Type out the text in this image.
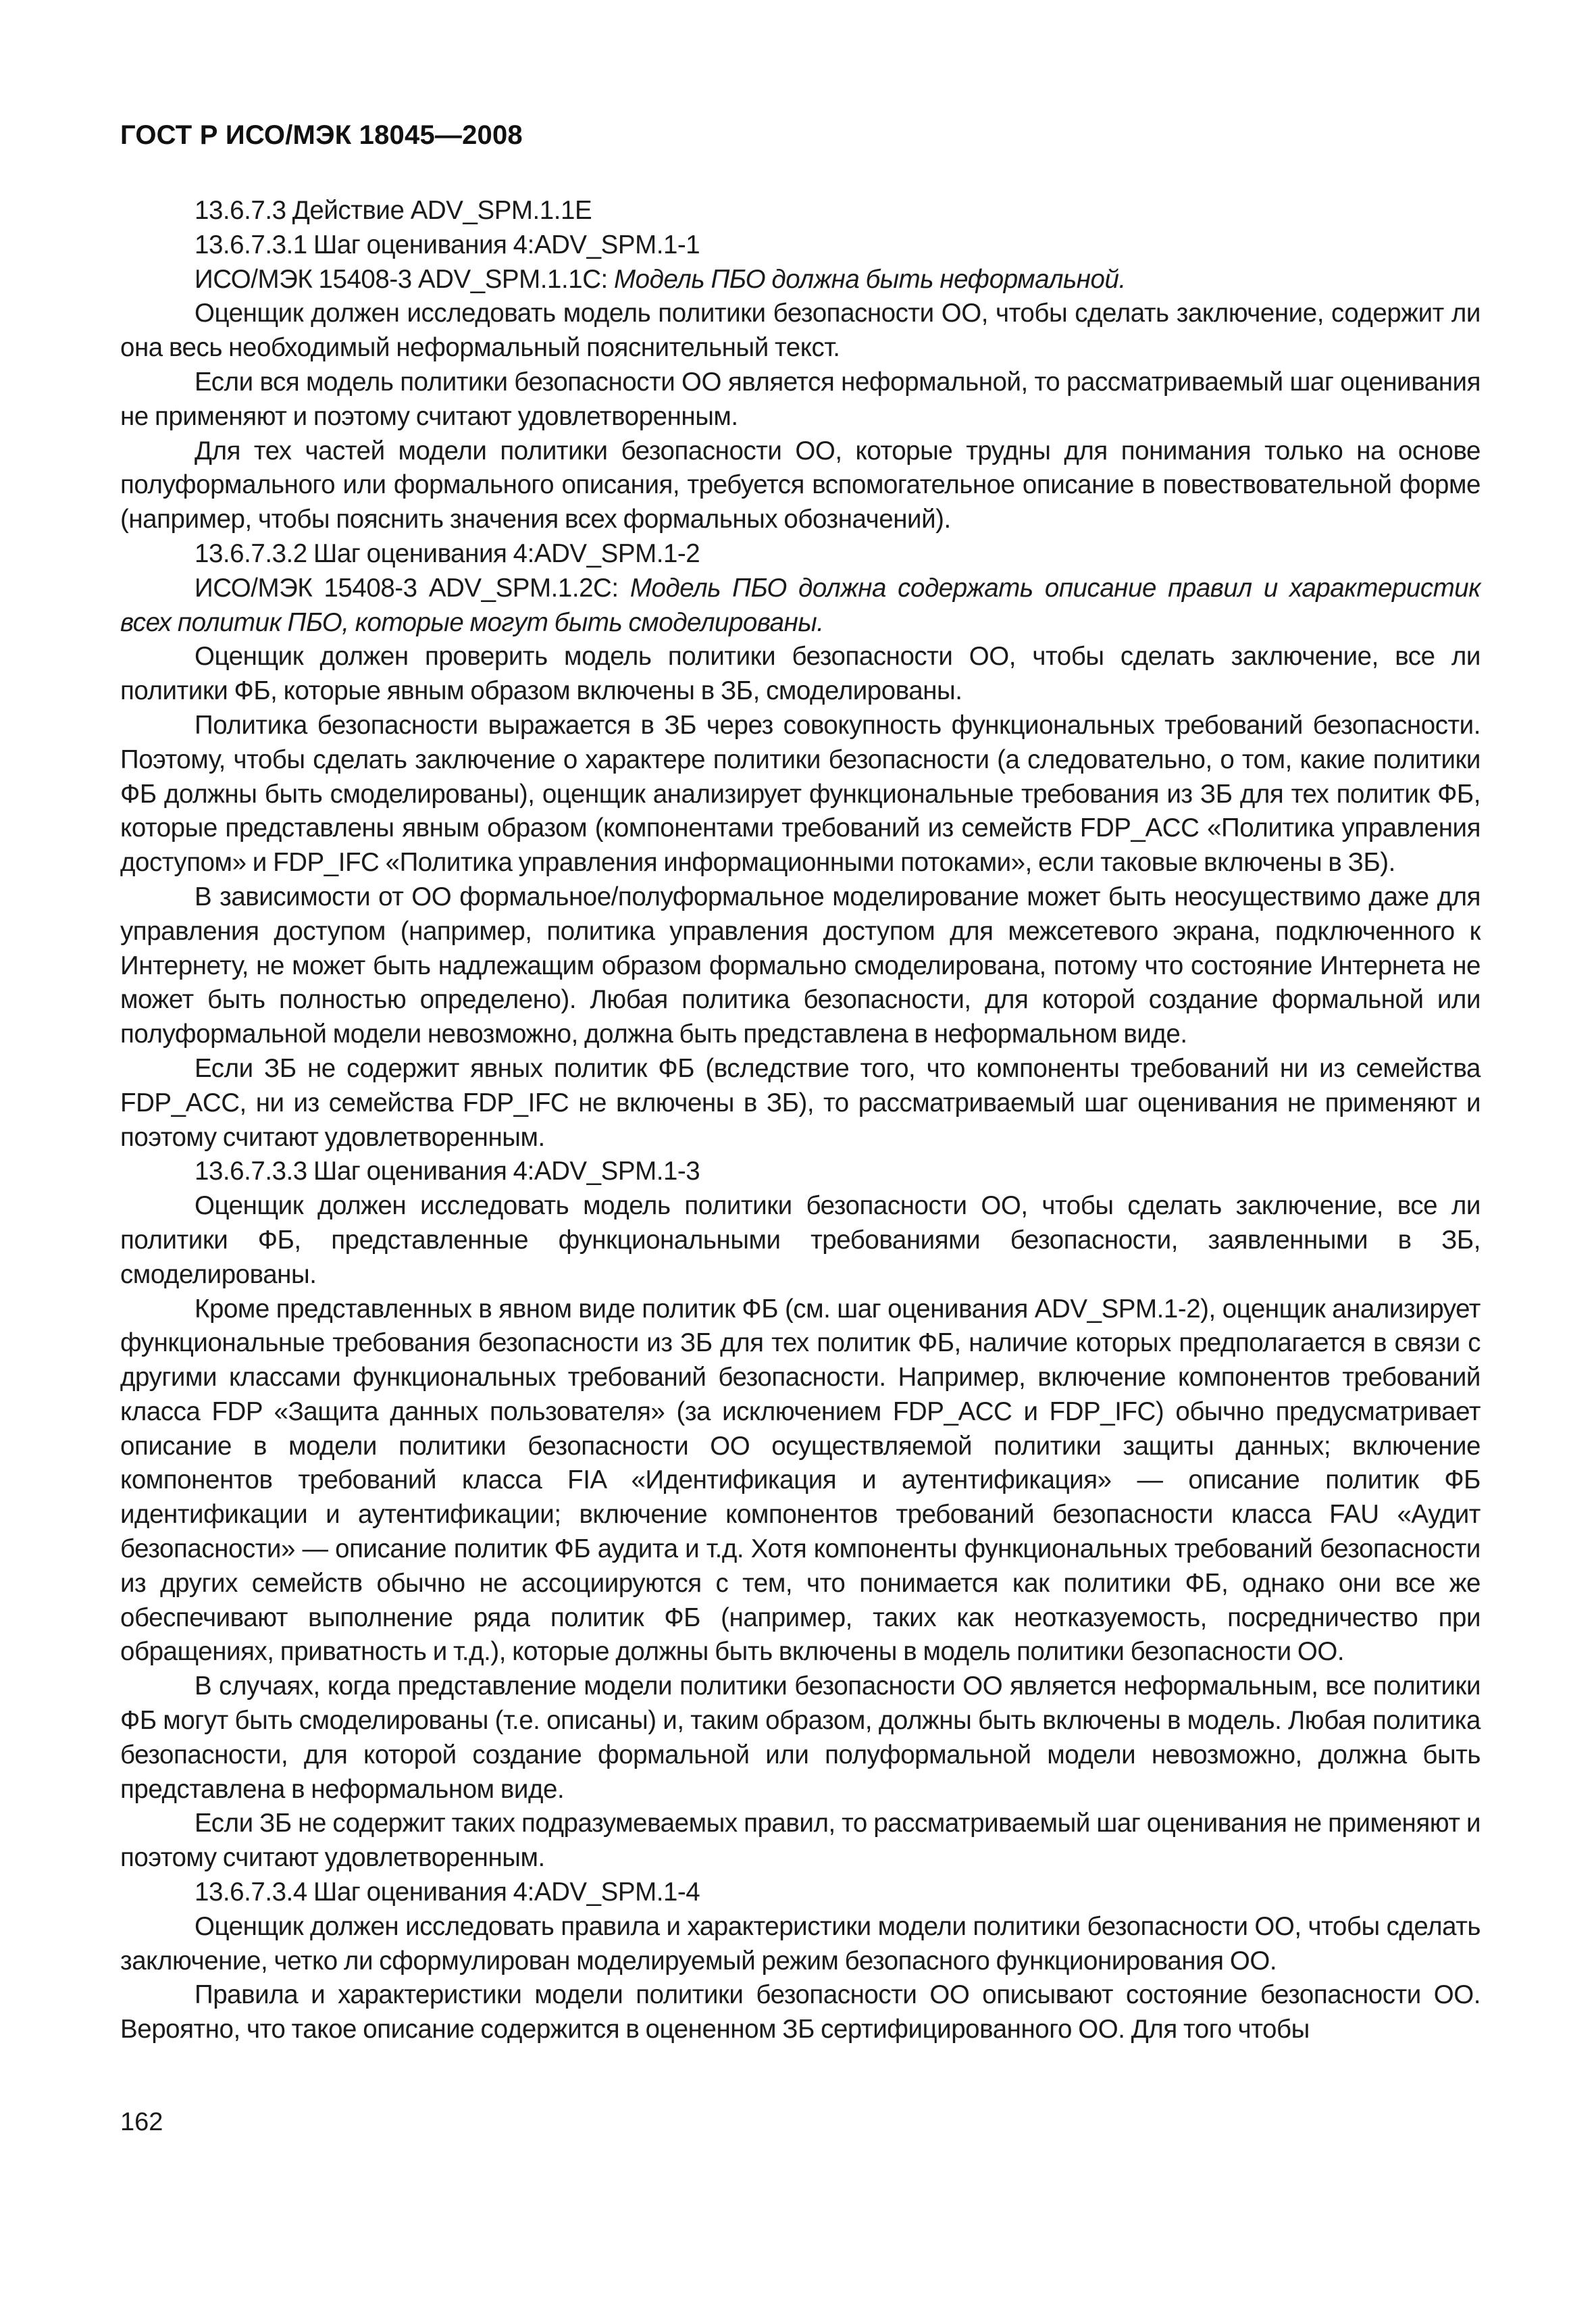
ГОСТ Р ИСО/МЭК 18045—2008

13.6.7.3 Действие ADV_SPM.1.1E

13.6.7.3.1 Шаг оценивания 4:ADV_SPM.1-1

ИСО/МЭК 15408-3 ADV_SPM.1.1C: Модель ПБО должна быть неформальной.

Оценщик должен исследовать модель политики безопасности ОО, чтобы сделать заключение, содержит ли она весь необходимый неформальный пояснительный текст.

Если вся модель политики безопасности ОО является неформальной, то рассматриваемый шаг оценивания не применяют и поэтому считают удовлетворенным.

Для тех частей модели политики безопасности ОО, которые трудны для понимания только на основе полуформального или формального описания, требуется вспомогательное описание в повествовательной форме (например, чтобы пояснить значения всех формальных обозначений).

13.6.7.3.2 Шаг оценивания 4:ADV_SPM.1-2

ИСО/МЭК 15408-3 ADV_SPM.1.2C: Модель ПБО должна содержать описание правил и характеристик всех политик ПБО, которые могут быть смоделированы.

Оценщик должен проверить модель политики безопасности ОО, чтобы сделать заключение, все ли политики ФБ, которые явным образом включены в ЗБ, смоделированы.

Политика безопасности выражается в ЗБ через совокупность функциональных требований безопасности. Поэтому, чтобы сделать заключение о характере политики безопасности (а следовательно, о том, какие политики ФБ должны быть смоделированы), оценщик анализирует функциональные требования из ЗБ для тех политик ФБ, которые представлены явным образом (компонентами требований из семейств FDP_ACC «Политика управления доступом» и FDP_IFC «Политика управления информационными потоками», если таковые включены в ЗБ).

В зависимости от ОО формальное/полуформальное моделирование может быть неосуществимо даже для управления доступом (например, политика управления доступом для межсетевого экрана, подключенного к Интернету, не может быть надлежащим образом формально смоделирована, потому что состояние Интернета не может быть полностью определено). Любая политика безопасности, для которой создание формальной или полуформальной модели невозможно, должна быть представлена в неформальном виде.

Если ЗБ не содержит явных политик ФБ (вследствие того, что компоненты требований ни из семейства FDP_ACC, ни из семейства FDP_IFC не включены в ЗБ), то рассматриваемый шаг оценивания не применяют и поэтому считают удовлетворенным.

13.6.7.3.3 Шаг оценивания 4:ADV_SPM.1-3

Оценщик должен исследовать модель политики безопасности ОО, чтобы сделать заключение, все ли политики ФБ, представленные функциональными требованиями безопасности, заявленными в ЗБ, смоделированы.

Кроме представленных в явном виде политик ФБ (см. шаг оценивания ADV_SPM.1-2), оценщик анализирует функциональные требования безопасности из ЗБ для тех политик ФБ, наличие которых предполагается в связи с другими классами функциональных требований безопасности. Например, включение компонентов требований класса FDP «Защита данных пользователя» (за исключением FDP_ACC и FDP_IFC) обычно предусматривает описание в модели политики безопасности ОО осуществляемой политики защиты данных; включение компонентов требований класса FIA «Идентификация и аутентификация» — описание политик ФБ идентификации и аутентификации; включение компонентов требований безопасности класса FAU «Аудит безопасности» — описание политик ФБ аудита и т.д. Хотя компоненты функциональных требований безопасности из других семейств обычно не ассоциируются с тем, что понимается как политики ФБ, однако они все же обеспечивают выполнение ряда политик ФБ (например, таких как неотказуемость, посредничество при обращениях, приватность и т.д.), которые должны быть включены в модель политики безопасности ОО.

В случаях, когда представление модели политики безопасности ОО является неформальным, все политики ФБ могут быть смоделированы (т.е. описаны) и, таким образом, должны быть включены в модель. Любая политика безопасности, для которой создание формальной или полуформальной модели невозможно, должна быть представлена в неформальном виде.

Если ЗБ не содержит таких подразумеваемых правил, то рассматриваемый шаг оценивания не применяют и поэтому считают удовлетворенным.

13.6.7.3.4 Шаг оценивания 4:ADV_SPM.1-4

Оценщик должен исследовать правила и характеристики модели политики безопасности ОО, чтобы сделать заключение, четко ли сформулирован моделируемый режим безопасного функционирования ОО.

Правила и характеристики модели политики безопасности ОО описывают состояние безопасности ОО. Вероятно, что такое описание содержится в оцененном ЗБ сертифицированного ОО. Для того чтобы

162
